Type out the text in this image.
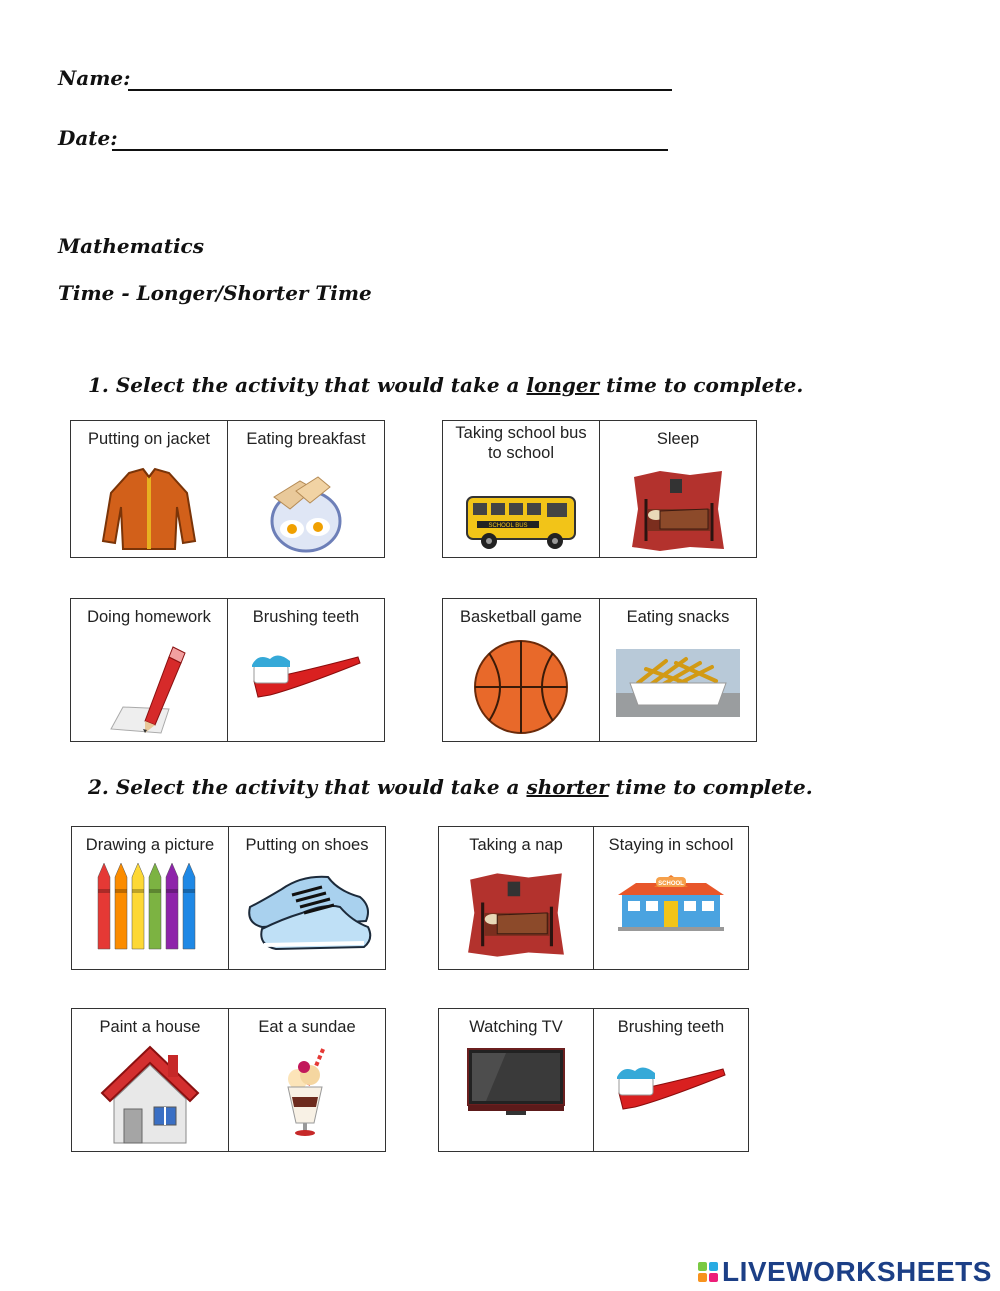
Name:
Date:
Mathematics
Time - Longer/Shorter Time
1. Select the activity that would take a longer time to complete.
Putting on jacket	Eating breakfast	Taking school bus to school
SCHOOL BUS
Sleep
Doing homework	Brushing teeth	Basketball game	Eating snacks
2. Select the activity that would take a shorter time to complete.
Drawing a picture	Putting on shoes	Taking a nap	Staying in school
SCHOOL
Paint a house	Eat a sundae	Watching TV	Brushing teeth
LIVEWORKSHEETS
